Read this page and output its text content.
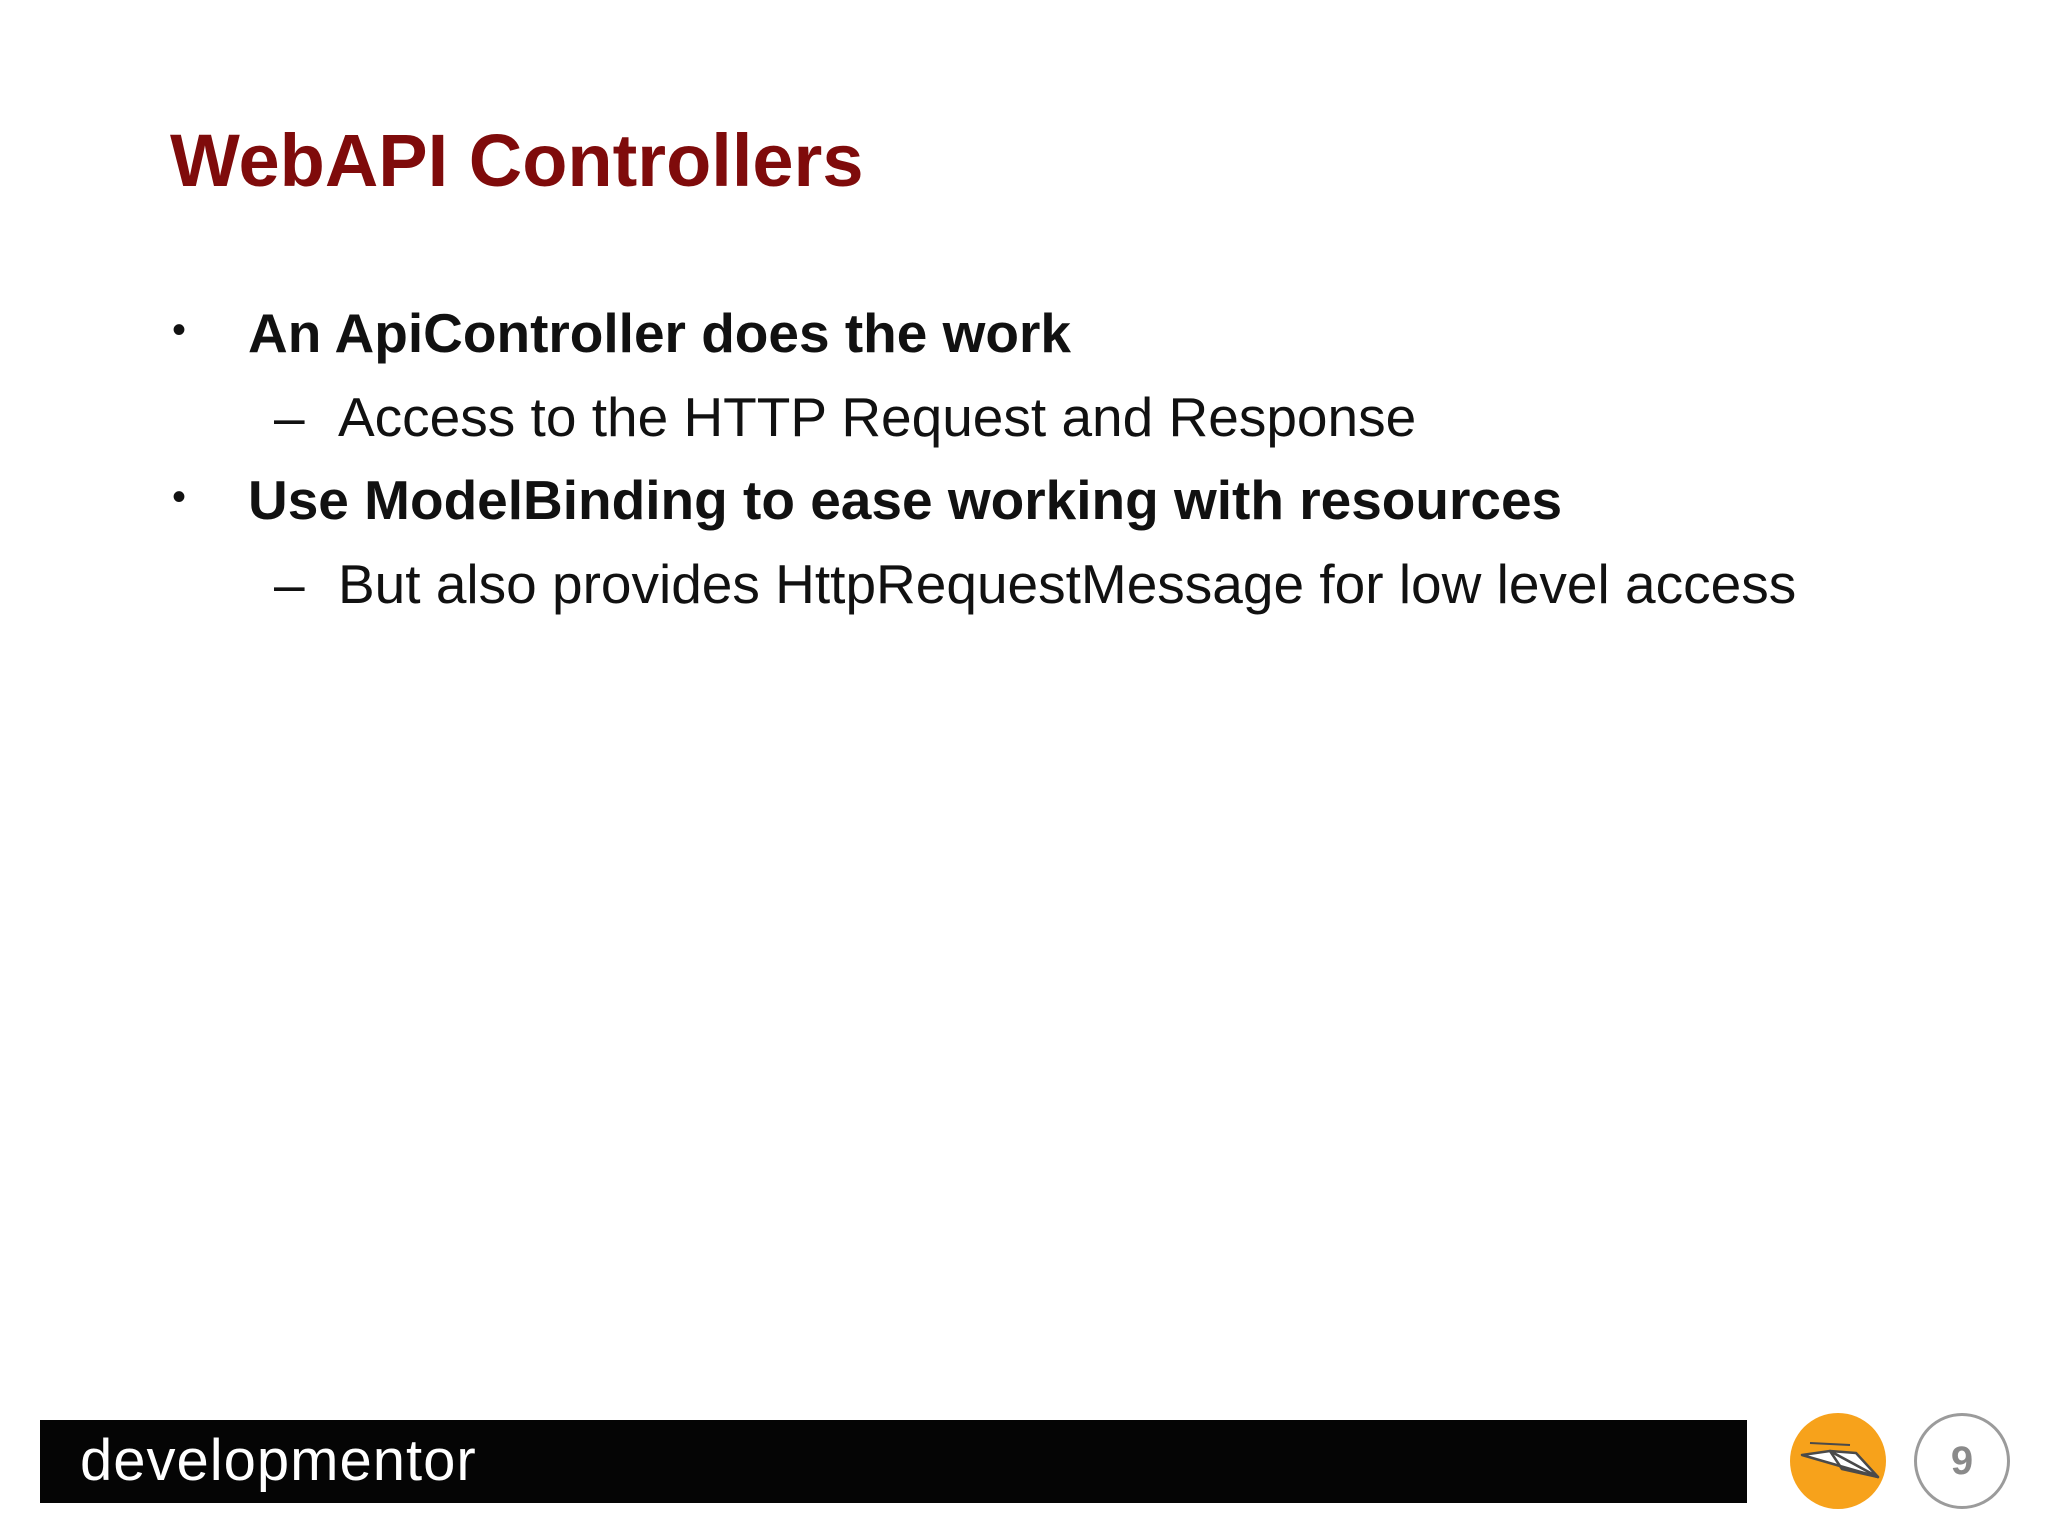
WebAPI Controllers
• An ApiController does the work
– Access to the HTTP Request and Response
• Use ModelBinding to ease working with resources
– But also provides HttpRequestMessage for low level access
developmentor	9
